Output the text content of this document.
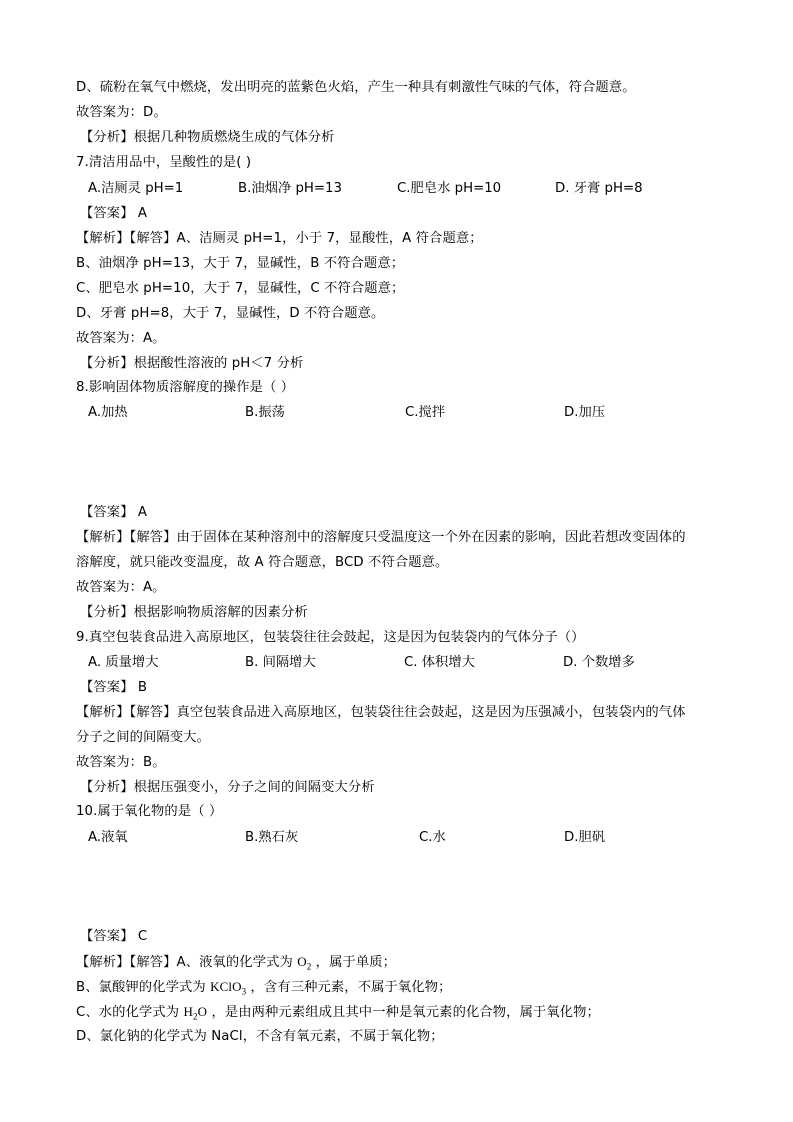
D、硫粉在氧气中燃烧，发出明亮的蓝紫色火焰，产生一种具有刺激性气味的气体，符合题意。
故答案为：D。
【分析】根据几种物质燃烧生成的气体分析
7.清洁用品中，呈酸性的是( )
A.洁厕灵 pH=1	B.油烟净 pH=13	C.肥皂水 pH=10	D. 牙膏 pH=8
【答案】 A
【解析】【解答】A、洁厕灵 pH=1，小于 7，显酸性，A 符合题意；
B、油烟净 pH=13，大于 7，显碱性，B 不符合题意；
C、肥皂水 pH=10，大于 7，显碱性，C 不符合题意；
D、牙膏 pH=8，大于 7，显碱性，D 不符合题意。
故答案为：A。
【分析】根据酸性溶液的 pH＜7 分析
8.影响固体物质溶解度的操作是（ ）
A.加热	B.振荡	C.搅拌	D.加压
【答案】 A
【解析】【解答】由于固体在某种溶剂中的溶解度只受温度这一个外在因素的影响，因此若想改变固体的
溶解度，就只能改变温度，故 A 符合题意，BCD 不符合题意。
故答案为：A。
【分析】根据影响物质溶解的因素分析
9.真空包装食品进入高原地区，包装袋往往会鼓起，这是因为包装袋内的气体分子（）
A. 质量增大	B. 间隔增大	C. 体积增大	D. 个数增多
【答案】 B
【解析】【解答】真空包装食品进入高原地区，包装袋往往会鼓起，这是因为压强减小，包装袋内的气体
分子之间的间隔变大。
故答案为：B。
【分析】根据压强变小，分子之间的间隔变大分析
10.属于氧化物的是（ ）
A.液氧	B.熟石灰	C.水	D.胆矾
【答案】 C
【解析】【解答】A、液氧的化学式为 $O_2$ ，属于单质；
B、氯酸钾的化学式为 KClO$_3$ ，含有三种元素，不属于氧化物；
C、水的化学式为 $H_2O$ ，是由两种元素组成且其中一种是氧元素的化合物，属于氧化物；
D、氯化钠的化学式为 NaCl，不含有氧元素，不属于氧化物；
